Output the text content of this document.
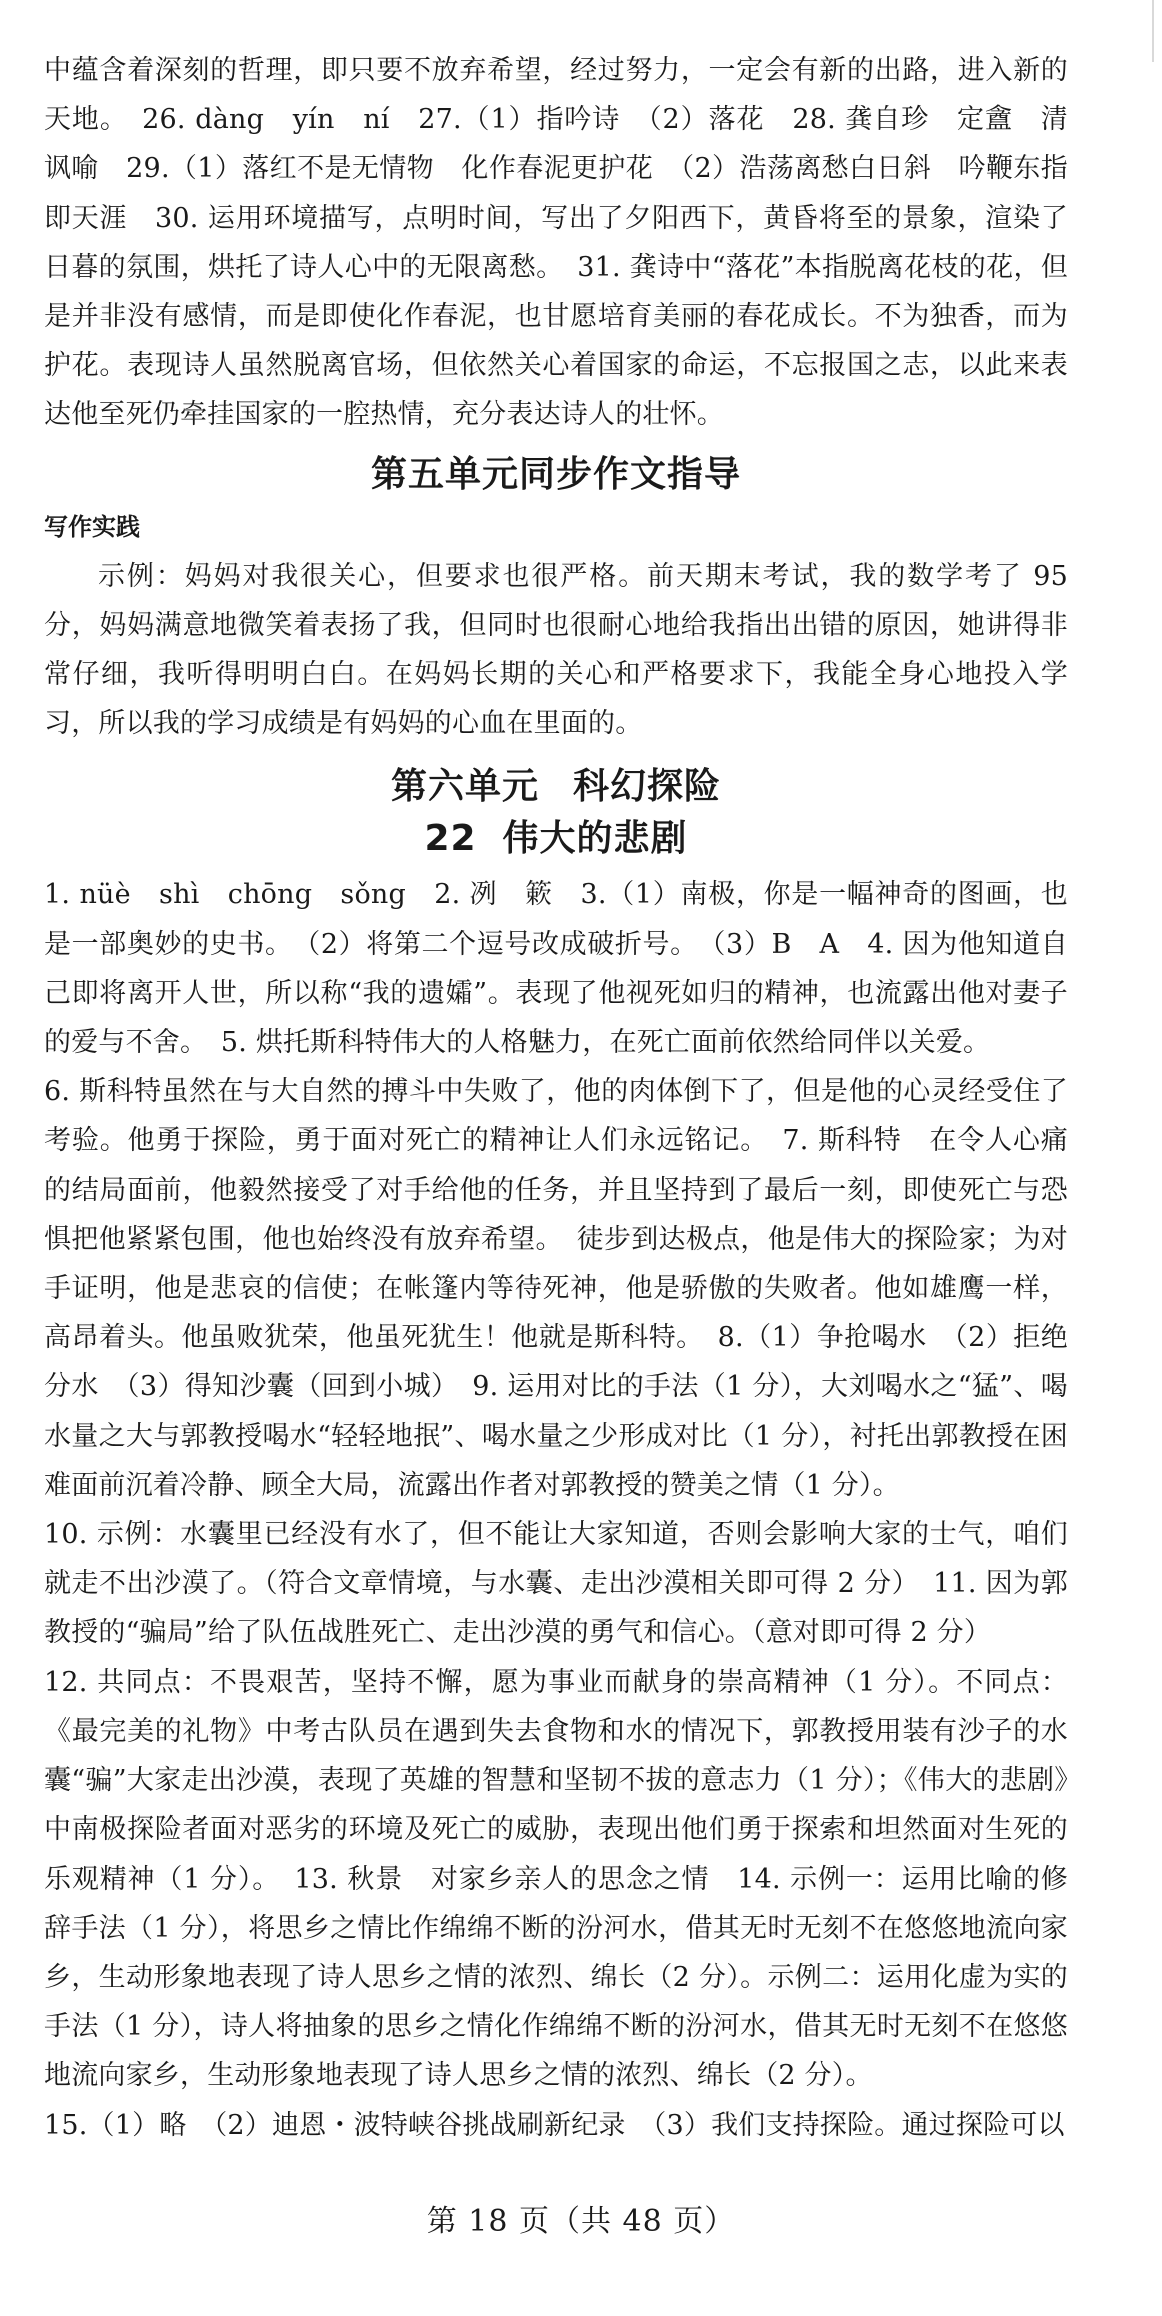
中蕴含着深刻的哲理，即只要不放弃希望，经过努力，一定会有新的出路，进入新的天地。　26. dàng　yín　ní　27.（1）指吟诗　（2）落花　28. 龚自珍　定盦　清　讽喻　29.（1）落红不是无情物　化作春泥更护花　（2）浩荡离愁白日斜　吟鞭东指即天涯　30. 运用环境描写，点明时间，写出了夕阳西下，黄昏将至的景象，渲染了日暮的氛围，烘托了诗人心中的无限离愁。　31. 龚诗中“落花”本指脱离花枝的花，但是并非没有感情，而是即使化作春泥，也甘愿培育美丽的春花成长。不为独香，而为护花。表现诗人虽然脱离官场，但依然关心着国家的命运，不忘报国之志，以此来表达他至死仍牵挂国家的一腔热情，充分表达诗人的壮怀。

第五单元同步作文指导
写作实践

示例：妈妈对我很关心，但要求也很严格。前天期末考试，我的数学考了 95 分，妈妈满意地微笑着表扬了我，但同时也很耐心地给我指出出错的原因，她讲得非常仔细，我听得明明白白。在妈妈长期的关心和严格要求下，我能全身心地投入学习，所以我的学习成绩是有妈妈的心血在里面的。

第六单元 科幻探险
22 伟大的悲剧

1. nüè　shì　chōng　sǒng　2. 冽　簌　3.（1）南极，你是一幅神奇的图画，也是一部奥妙的史书。　（2）将第二个逗号改成破折号。　（3）B　A　4. 因为他知道自己即将离开人世，所以称“我的遗孀”。表现了他视死如归的精神，也流露出他对妻子的爱与不舍。　5. 烘托斯科特伟大的人格魅力，在死亡面前依然给同伴以关爱。

6. 斯科特虽然在与大自然的搏斗中失败了，他的肉体倒下了，但是他的心灵经受住了考验。他勇于探险，勇于面对死亡的精神让人们永远铭记。　7. 斯科特　在令人心痛的结局面前，他毅然接受了对手给他的任务，并且坚持到了最后一刻，即使死亡与恐惧把他紧紧包围，他也始终没有放弃希望。　徒步到达极点，他是伟大的探险家；为对手证明，他是悲哀的信使；在帐篷内等待死神，他是骄傲的失败者。他如雄鹰一样，高昂着头。他虽败犹荣，他虽死犹生！他就是斯科特。　8.（1）争抢喝水　（2）拒绝分水　（3）得知沙囊（回到小城）　9. 运用对比的手法（1 分），大刘喝水之“猛”、喝水量之大与郭教授喝水“轻轻地抿”、喝水量之少形成对比（1 分），衬托出郭教授在困难面前沉着冷静、顾全大局，流露出作者对郭教授的赞美之情（1 分）。

10. 示例：水囊里已经没有水了，但不能让大家知道，否则会影响大家的士气，咱们就走不出沙漠了。（符合文章情境，与水囊、走出沙漠相关即可得 2 分）　11. 因为郭教授的“骗局”给了队伍战胜死亡、走出沙漠的勇气和信心。（意对即可得 2 分）

12. 共同点：不畏艰苦，坚持不懈，愿为事业而献身的崇高精神（1 分）。不同点：《最完美的礼物》中考古队员在遇到失去食物和水的情况下，郭教授用装有沙子的水囊“骗”大家走出沙漠，表现了英雄的智慧和坚韧不拔的意志力（1 分）；《伟大的悲剧》中南极探险者面对恶劣的环境及死亡的威胁，表现出他们勇于探索和坦然面对生死的乐观精神（1 分）。　13. 秋景　对家乡亲人的思念之情　14. 示例一：运用比喻的修辞手法（1 分），将思乡之情比作绵绵不断的汾河水，借其无时无刻不在悠悠地流向家乡，生动形象地表现了诗人思乡之情的浓烈、绵长（2 分）。示例二：运用化虚为实的手法（1 分），诗人将抽象的思乡之情化作绵绵不断的汾河水，借其无时无刻不在悠悠地流向家乡，生动形象地表现了诗人思乡之情的浓烈、绵长（2 分）。

15.（1）略　（2）迪恩・波特峡谷挑战刷新纪录　（3）我们支持探险。通过探险可以

第 18 页（共 48 页）
